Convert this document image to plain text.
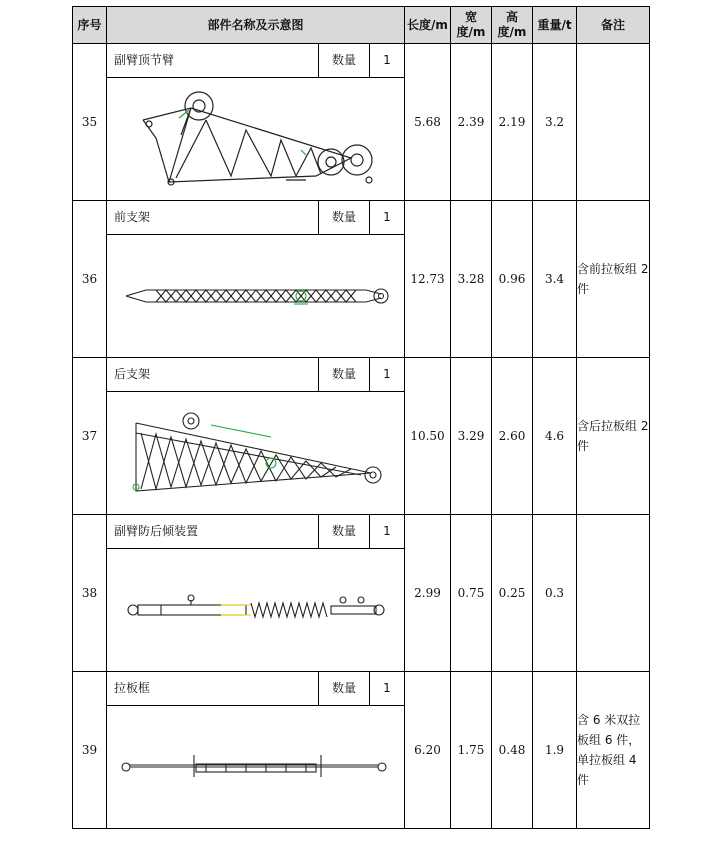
序号	部件名称及示意图	长度/m	宽度/m	高度/m	重量/t	备注
35	副臂顶节臂 数量 1	5.68	2.39	2.19	3.2	
36	前支架 数量 1	12.73	3.28	0.96	3.4	含前拉板组 2 件
37	后支架 数量 1	10.50	3.29	2.60	4.6	含后拉板组 2 件
38	副臂防后倾装置 数量 1	2.99	0.75	0.25	0.3	
39	拉板框 数量 1	6.20	1.75	0.48	1.9	含 6 米双拉板组 6 件，单拉板组 4 件
